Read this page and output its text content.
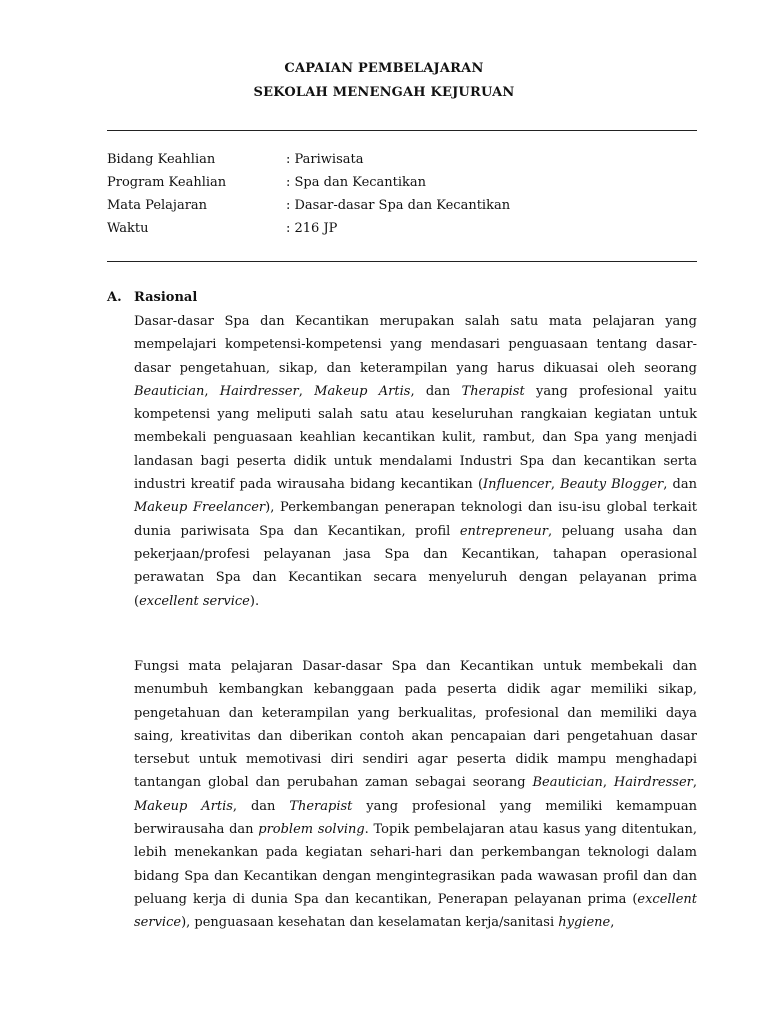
CAPAIAN PEMBELAJARAN
SEKOLAH MENENGAH KEJURUAN
Bidang Keahlian	: Pariwisata
Program Keahlian	: Spa dan Kecantikan
Mata Pelajaran	: Dasar-dasar Spa dan Kecantikan
Waktu	: 216 JP
A. Rasional

Dasar-dasar Spa dan Kecantikan merupakan salah satu mata pelajaran yang mempelajari kompetensi-kompetensi yang mendasari penguasaan tentang dasar-dasar pengetahuan, sikap, dan keterampilan yang harus dikuasai oleh seorang Beautician, Hairdresser, Makeup Artis, dan Therapist yang profesional yaitu kompetensi yang meliputi salah satu atau keseluruhan rangkaian kegiatan untuk membekali penguasaan keahlian kecantikan kulit, rambut, dan Spa yang menjadi landasan bagi peserta didik untuk mendalami Industri Spa dan kecantikan serta industri kreatif pada wirausaha bidang kecantikan (Influencer, Beauty Blogger, dan Makeup Freelancer), Perkembangan penerapan teknologi dan isu-isu global terkait dunia pariwisata Spa dan Kecantikan, profil entrepreneur, peluang usaha dan pekerjaan/profesi pelayanan jasa Spa dan Kecantikan, tahapan operasional perawatan Spa dan Kecantikan secara menyeluruh dengan pelayanan prima (excellent service).

Fungsi mata pelajaran Dasar-dasar Spa dan Kecantikan untuk membekali dan menumbuh kembangkan kebanggaan pada peserta didik agar memiliki sikap, pengetahuan dan keterampilan yang berkualitas, profesional dan memiliki daya saing, kreativitas dan diberikan contoh akan pencapaian dari pengetahuan dasar tersebut untuk memotivasi diri sendiri agar peserta didik mampu menghadapi tantangan global dan perubahan zaman sebagai seorang Beautician, Hairdresser, Makeup Artis, dan Therapist yang profesional yang memiliki kemampuan berwirausaha dan problem solving. Topik pembelajaran atau kasus yang ditentukan, lebih menekankan pada kegiatan sehari-hari dan perkembangan teknologi dalam bidang Spa dan Kecantikan dengan mengintegrasikan pada wawasan profil dan dan peluang kerja di dunia Spa dan kecantikan, Penerapan pelayanan prima (excellent service), penguasaan kesehatan dan keselamatan kerja/sanitasi hygiene,
